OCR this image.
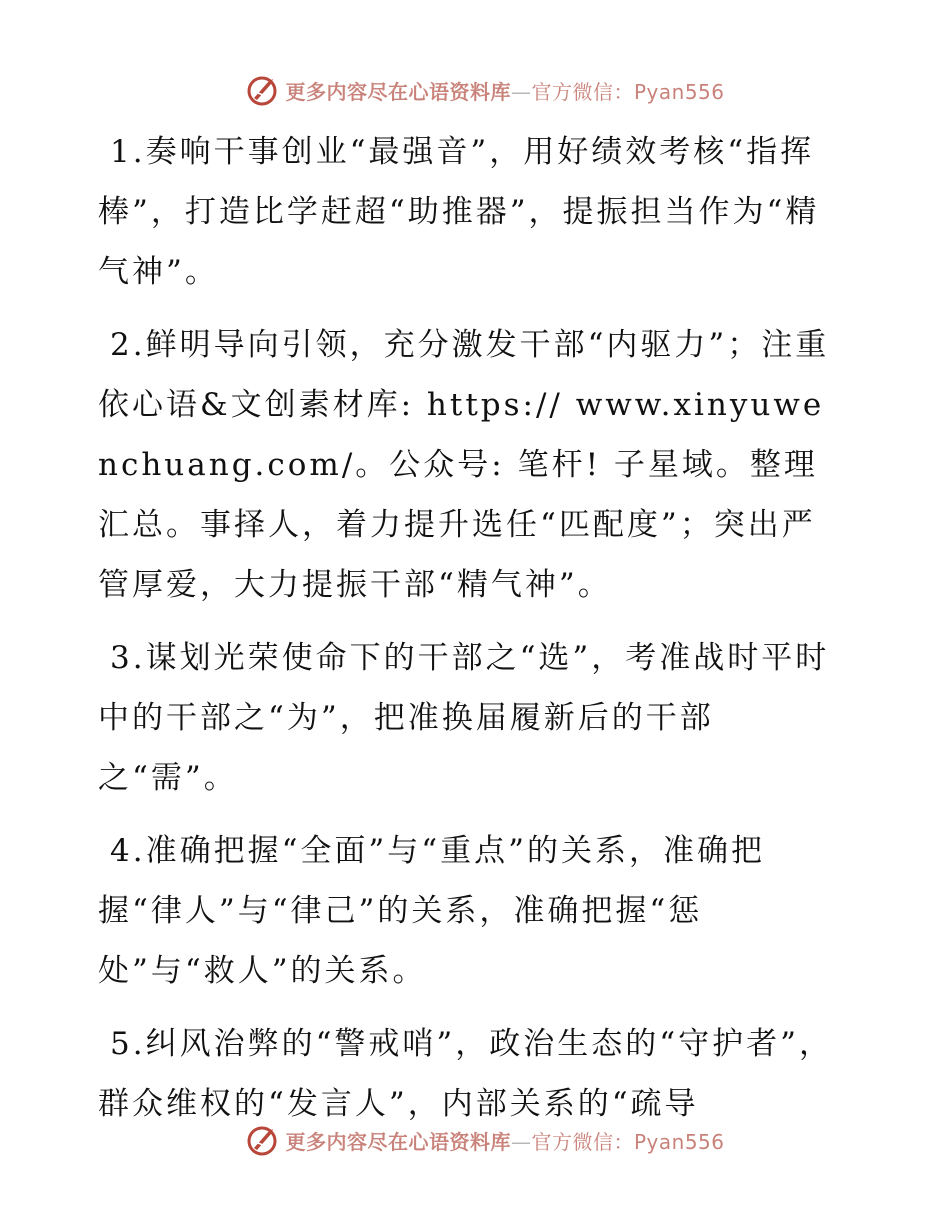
更多内容尽在心语资料库—官方微信：Pyan556

1.奏响干事创业“最强音”，用好绩效考核“指挥棒”，打造比学赶超“助推器”，提振担当作为“精气神”。

2.鲜明导向引领，充分激发干部“内驱力”；注重依心语&文创素材库: https:// www.xinyuwenchuang.com/。公众号: 笔杆! 子星域。整理汇总。事择人，着力提升选任“匹配度”；突出严管厚爱，大力提振干部“精气神”。

3.谋划光荣使命下的干部之“选”，考准战时平时中的干部之“为”，把准换届履新后的干部之“需”。

4.准确把握“全面”与“重点”的关系，准确把握“律人”与“律己”的关系，准确把握“惩处”与“救人”的关系。

5.纠风治弊的“警戒哨”，政治生态的“守护者”，群众维权的“发言人”，内部关系的“疏导

更多内容尽在心语资料库—官方微信：Pyan556
